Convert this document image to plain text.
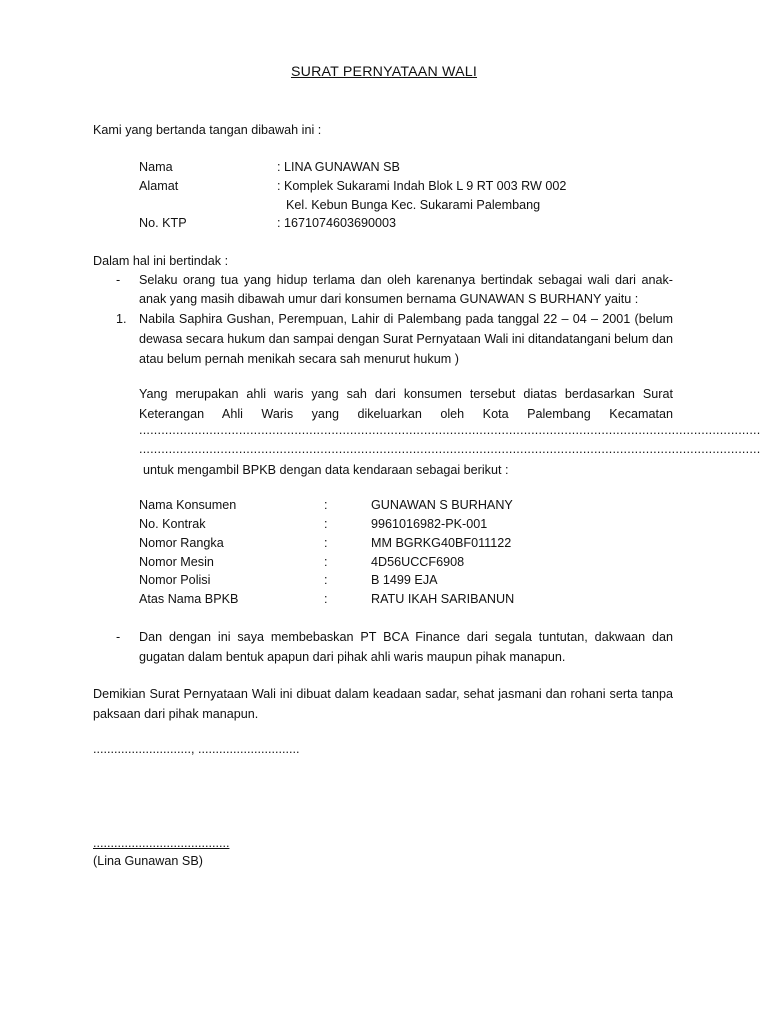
SURAT PERNYATAAN WALI
Kami yang bertanda tangan dibawah ini :
Nama	: LINA GUNAWAN SB
Alamat	: Komplek Sukarami Indah Blok L 9 RT 003 RW 002
Kel. Kebun Bunga Kec. Sukarami Palembang
No. KTP	: 1671074603690003
Dalam hal ini bertindak :
- Selaku orang tua yang hidup terlama dan oleh karenanya bertindak sebagai wali dari anak-
anak yang masih dibawah umur dari konsumen bernama GUNAWAN S BURHANY yaitu :
1. Nabila Saphira Gushan, Perempuan, Lahir di Palembang pada tanggal 22 – 04 – 2001 (belum dewasa secara hukum dan sampai dengan Surat Pernyataan Wali ini ditandatangani belum dan atau belum pernah menikah secara sah menurut hukum )
Yang merupakan ahli waris yang sah dari konsumen tersebut diatas berdasarkan Surat Keterangan Ahli Waris yang dikeluarkan oleh Kota Palembang Kecamatan
........................................................................................................................................................................
........................................................................................................................................................................
untuk mengambil BPKB dengan data kendaraan sebagai berikut :
Nama Konsumen	:	GUNAWAN S BURHANY
No. Kontrak	:	9961016982-PK-001
Nomor Rangka	:	MM BGRKG40BF011122
Nomor Mesin	:	4D56UCCF6908
Nomor Polisi	:	B 1499 EJA
Atas Nama BPKB	:	RATU IKAH SARIBANUN
- Dan dengan ini saya membebaskan PT BCA Finance dari segala tuntutan, dakwaan dan gugatan dalam bentuk apapun dari pihak ahli waris maupun pihak manapun.
Demikian Surat Pernyataan Wali ini dibuat dalam keadaan sadar, sehat jasmani dan rohani serta tanpa paksaan dari pihak manapun.
............................, .............................
.......................................
(Lina Gunawan SB)
